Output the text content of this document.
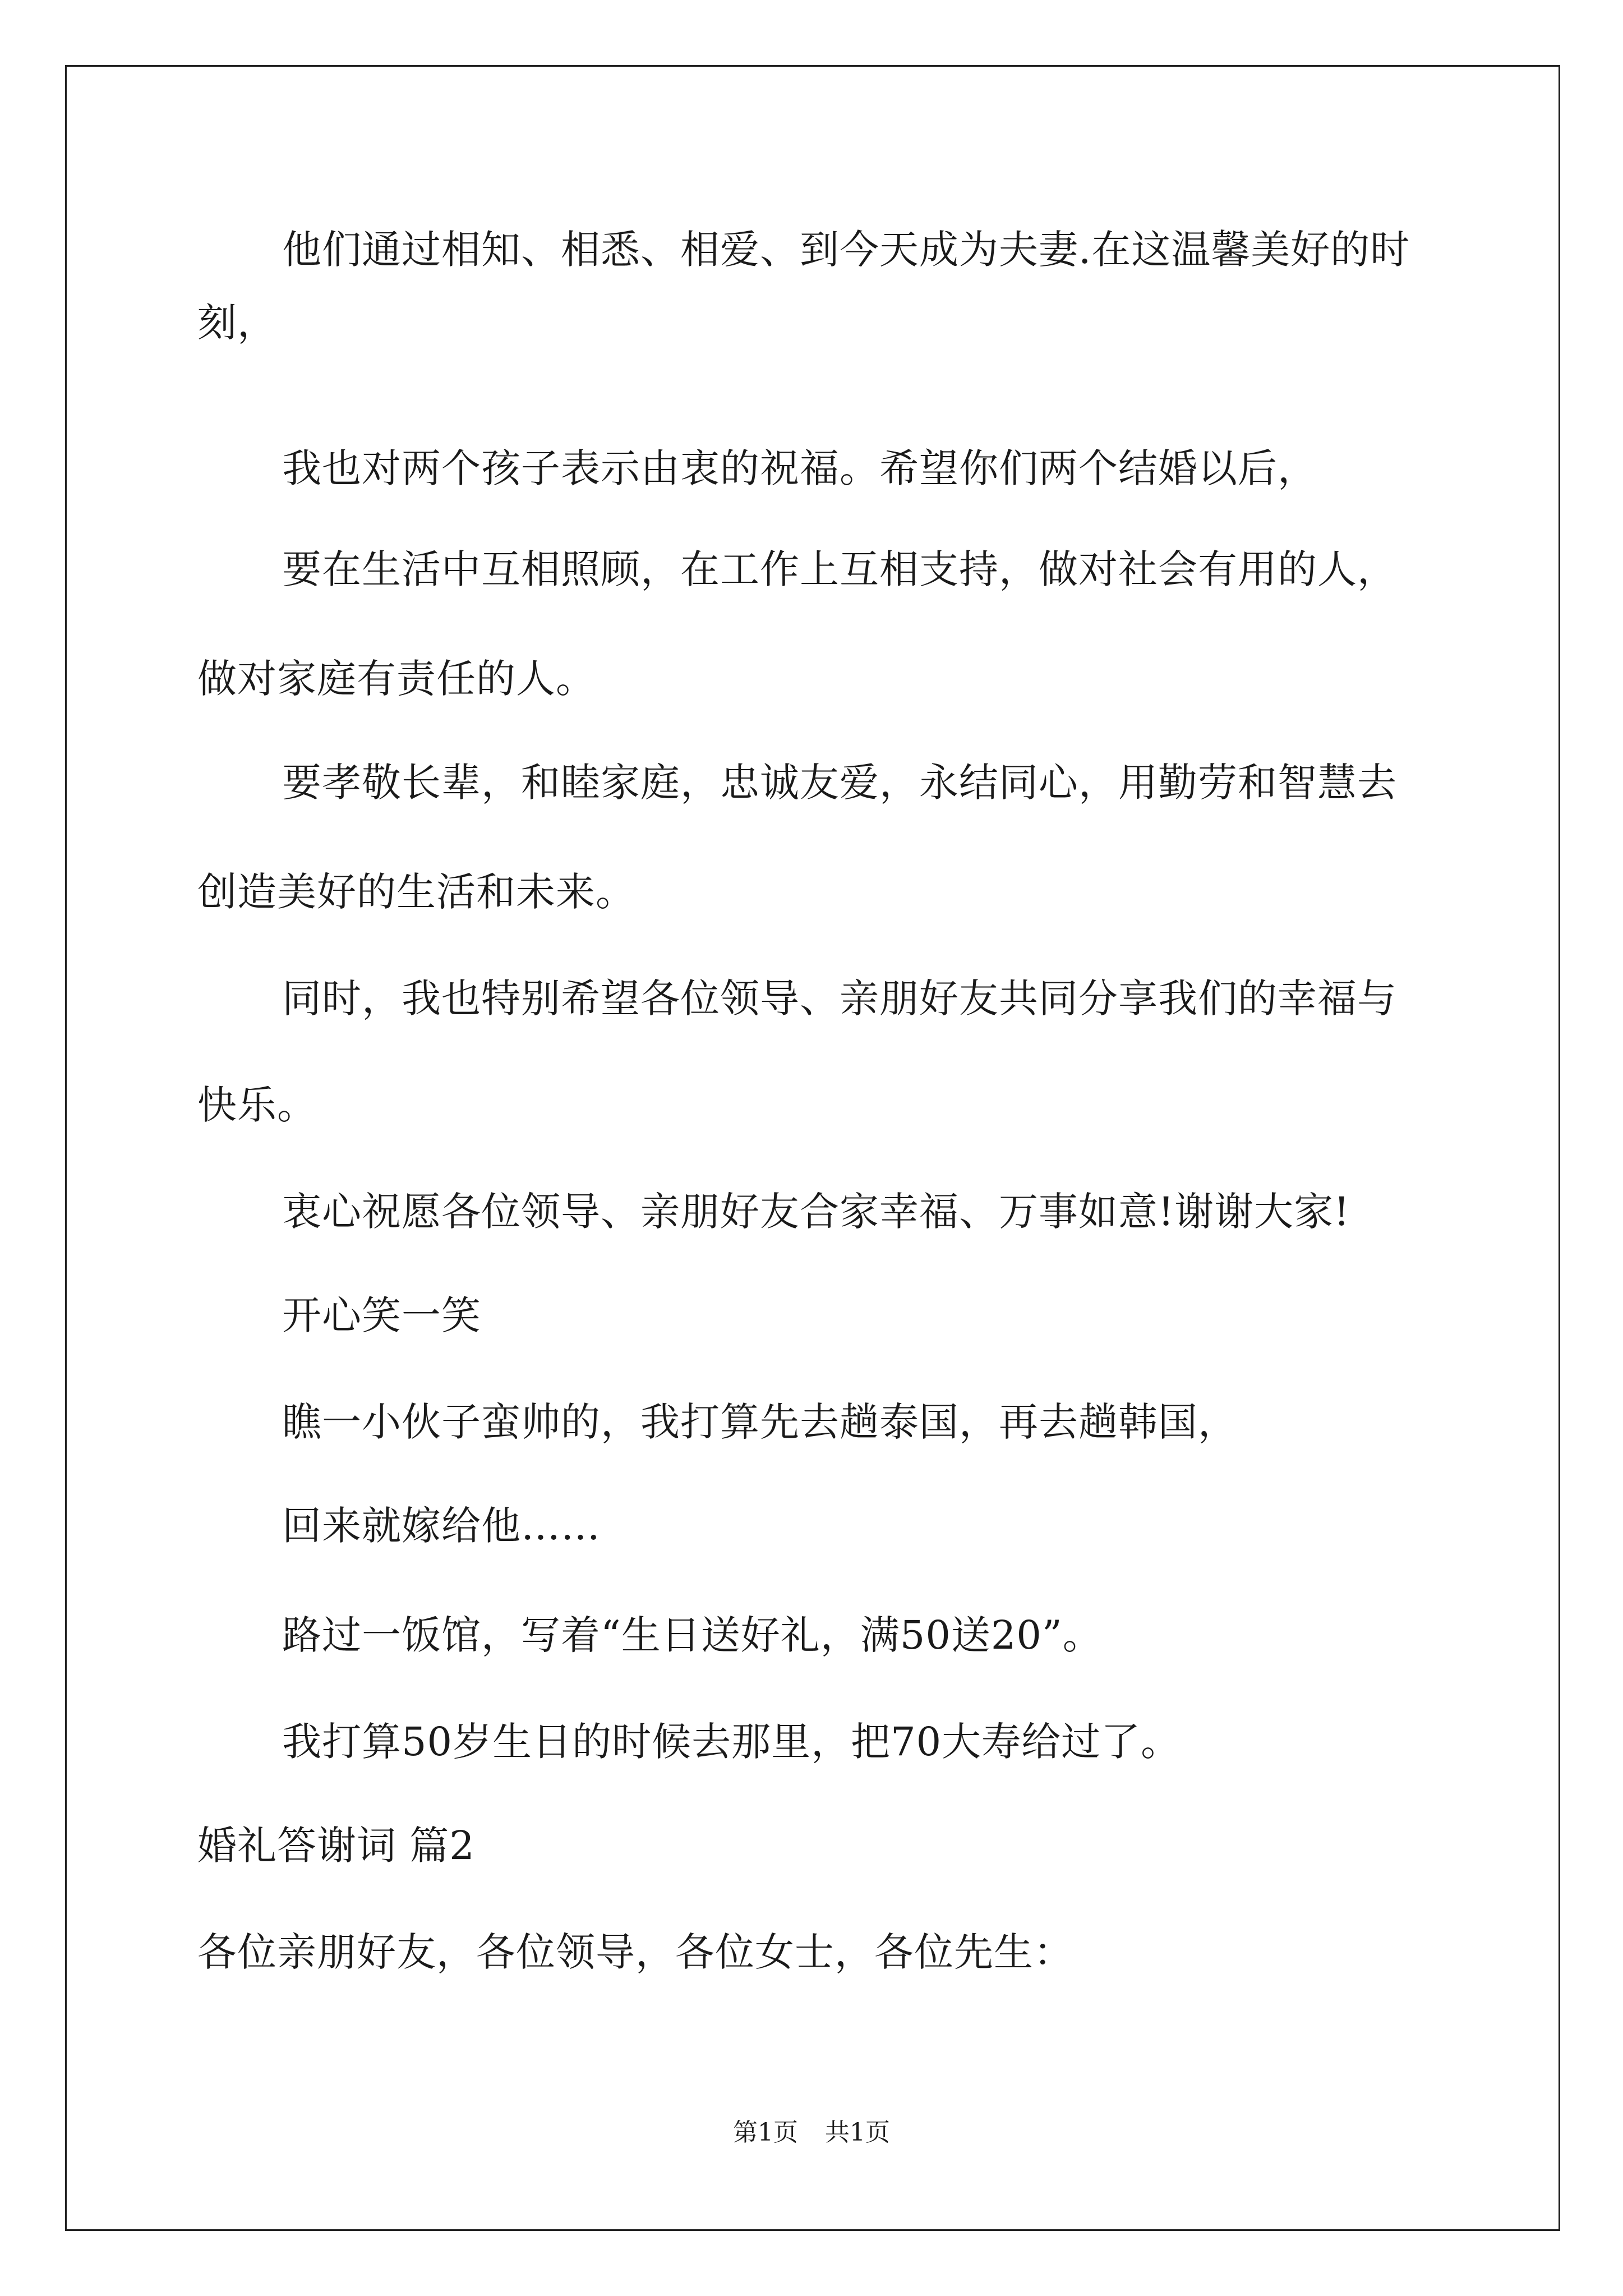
他们通过相知、相悉、相爱、到今天成为夫妻.在这温馨美好的时
刻，
我也对两个孩子表示由衷的祝福。希望你们两个结婚以后，
要在生活中互相照顾，在工作上互相支持，做对社会有用的人，
做对家庭有责任的人。
要孝敬长辈，和睦家庭，忠诚友爱，永结同心，用勤劳和智慧去
创造美好的生活和未来。
同时，我也特别希望各位领导、亲朋好友共同分享我们的幸福与
快乐。
衷心祝愿各位领导、亲朋好友合家幸福、万事如意!谢谢大家!
开心笑一笑
瞧一小伙子蛮帅的，我打算先去趟泰国，再去趟韩国，
回来就嫁给他……
路过一饭馆，写着“生日送好礼，满50送20”。
我打算50岁生日的时候去那里，把70大寿给过了。
婚礼答谢词 篇2
各位亲朋好友，各位领导，各位女士，各位先生：
第1页 共1页
